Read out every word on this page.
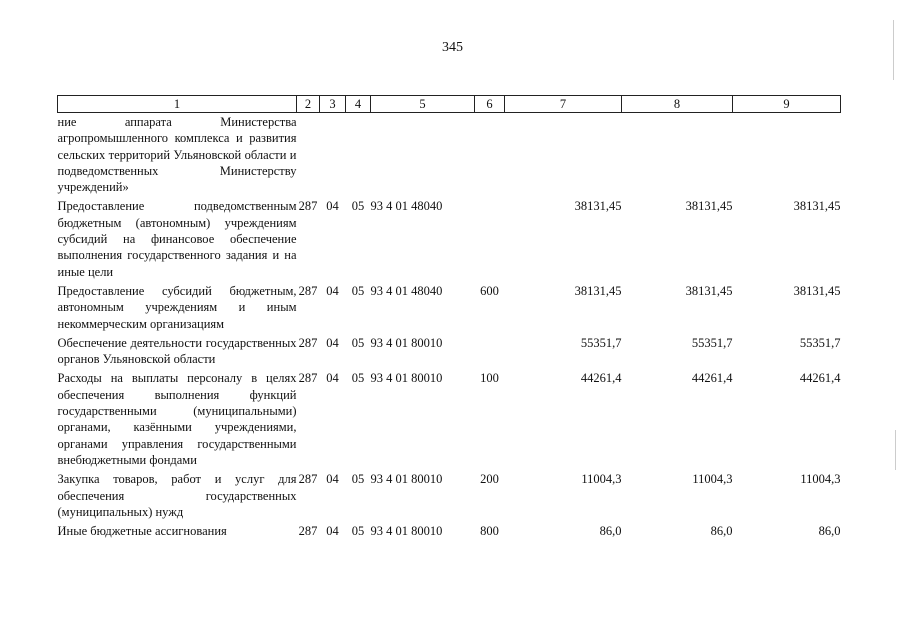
345
1	2	3	4	5	6	7	8	9
ние аппарата Министерства агропромышленного комплекса и развития сельских территорий Ульяновской области и подведомственных Министерству учреждений»								
Предоставление подведомственным бюджетным (автономным) учреждениям субсидий на финансовое обеспечение выполнения государственного задания и на иные цели	287	04	05	93 4 01 48040		38131,45	38131,45	38131,45
Предоставление субсидий бюджетным, автономным учреждениям и иным некоммерческим организациям	287	04	05	93 4 01 48040	600	38131,45	38131,45	38131,45
Обеспечение деятельности государственных органов Ульяновской области	287	04	05	93 4 01 80010		55351,7	55351,7	55351,7
Расходы на выплаты персоналу в целях обеспечения выполнения функций государственными (муниципальными) органами, казёнными учреждениями, органами управления государственными внебюджетными фондами	287	04	05	93 4 01 80010	100	44261,4	44261,4	44261,4
Закупка товаров, работ и услуг для обеспечения государственных (муниципальных) нужд	287	04	05	93 4 01 80010	200	11004,3	11004,3	11004,3
Иные бюджетные ассигнования	287	04	05	93 4 01 80010	800	86,0	86,0	86,0
